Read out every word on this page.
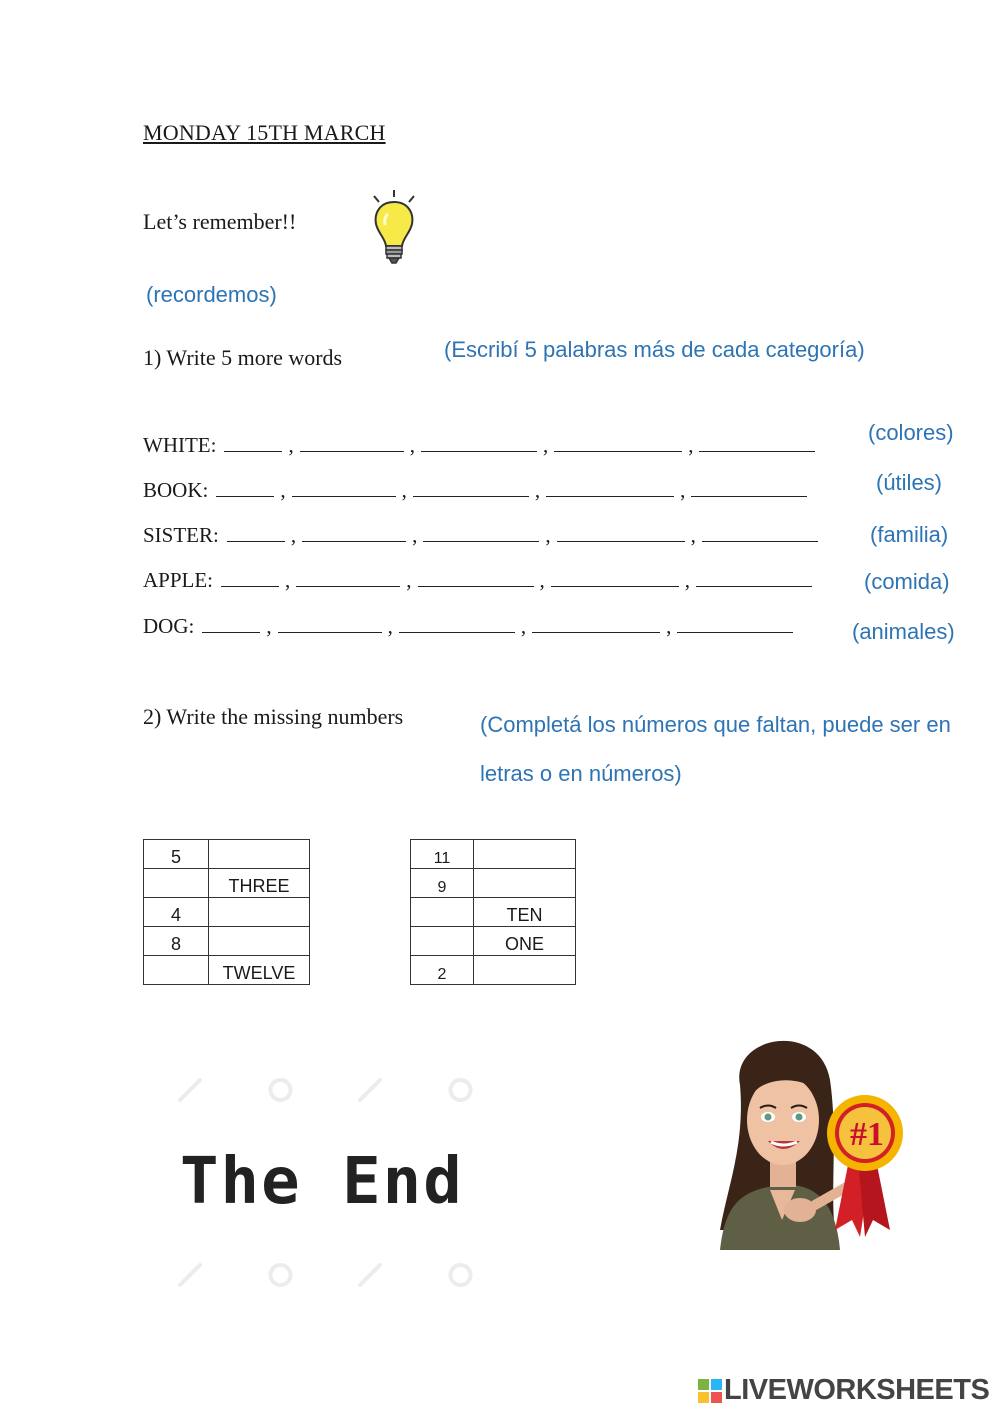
MONDAY 15TH MARCH
Let’s remember!!
(recordemos)
1) Write 5 more words	(Escribí 5 palabras más de cada categoría)
WHITE:	,	,	,	,	(colores)
BOOK:	,	,	,	,	(útiles)
SISTER:	,	,	,	,	(familia)
APPLE:	,	,	,	,	(comida)
DOG:	,	,	,	,	(animales)
2) Write the missing numbers	(Completá los números que faltan, puede ser en letras o en números)
5	
	THREE
4	
8	
	TWELVE
11	
9	
	TEN
	ONE
2	
The End
#1
LIVEWORKSHEETS
